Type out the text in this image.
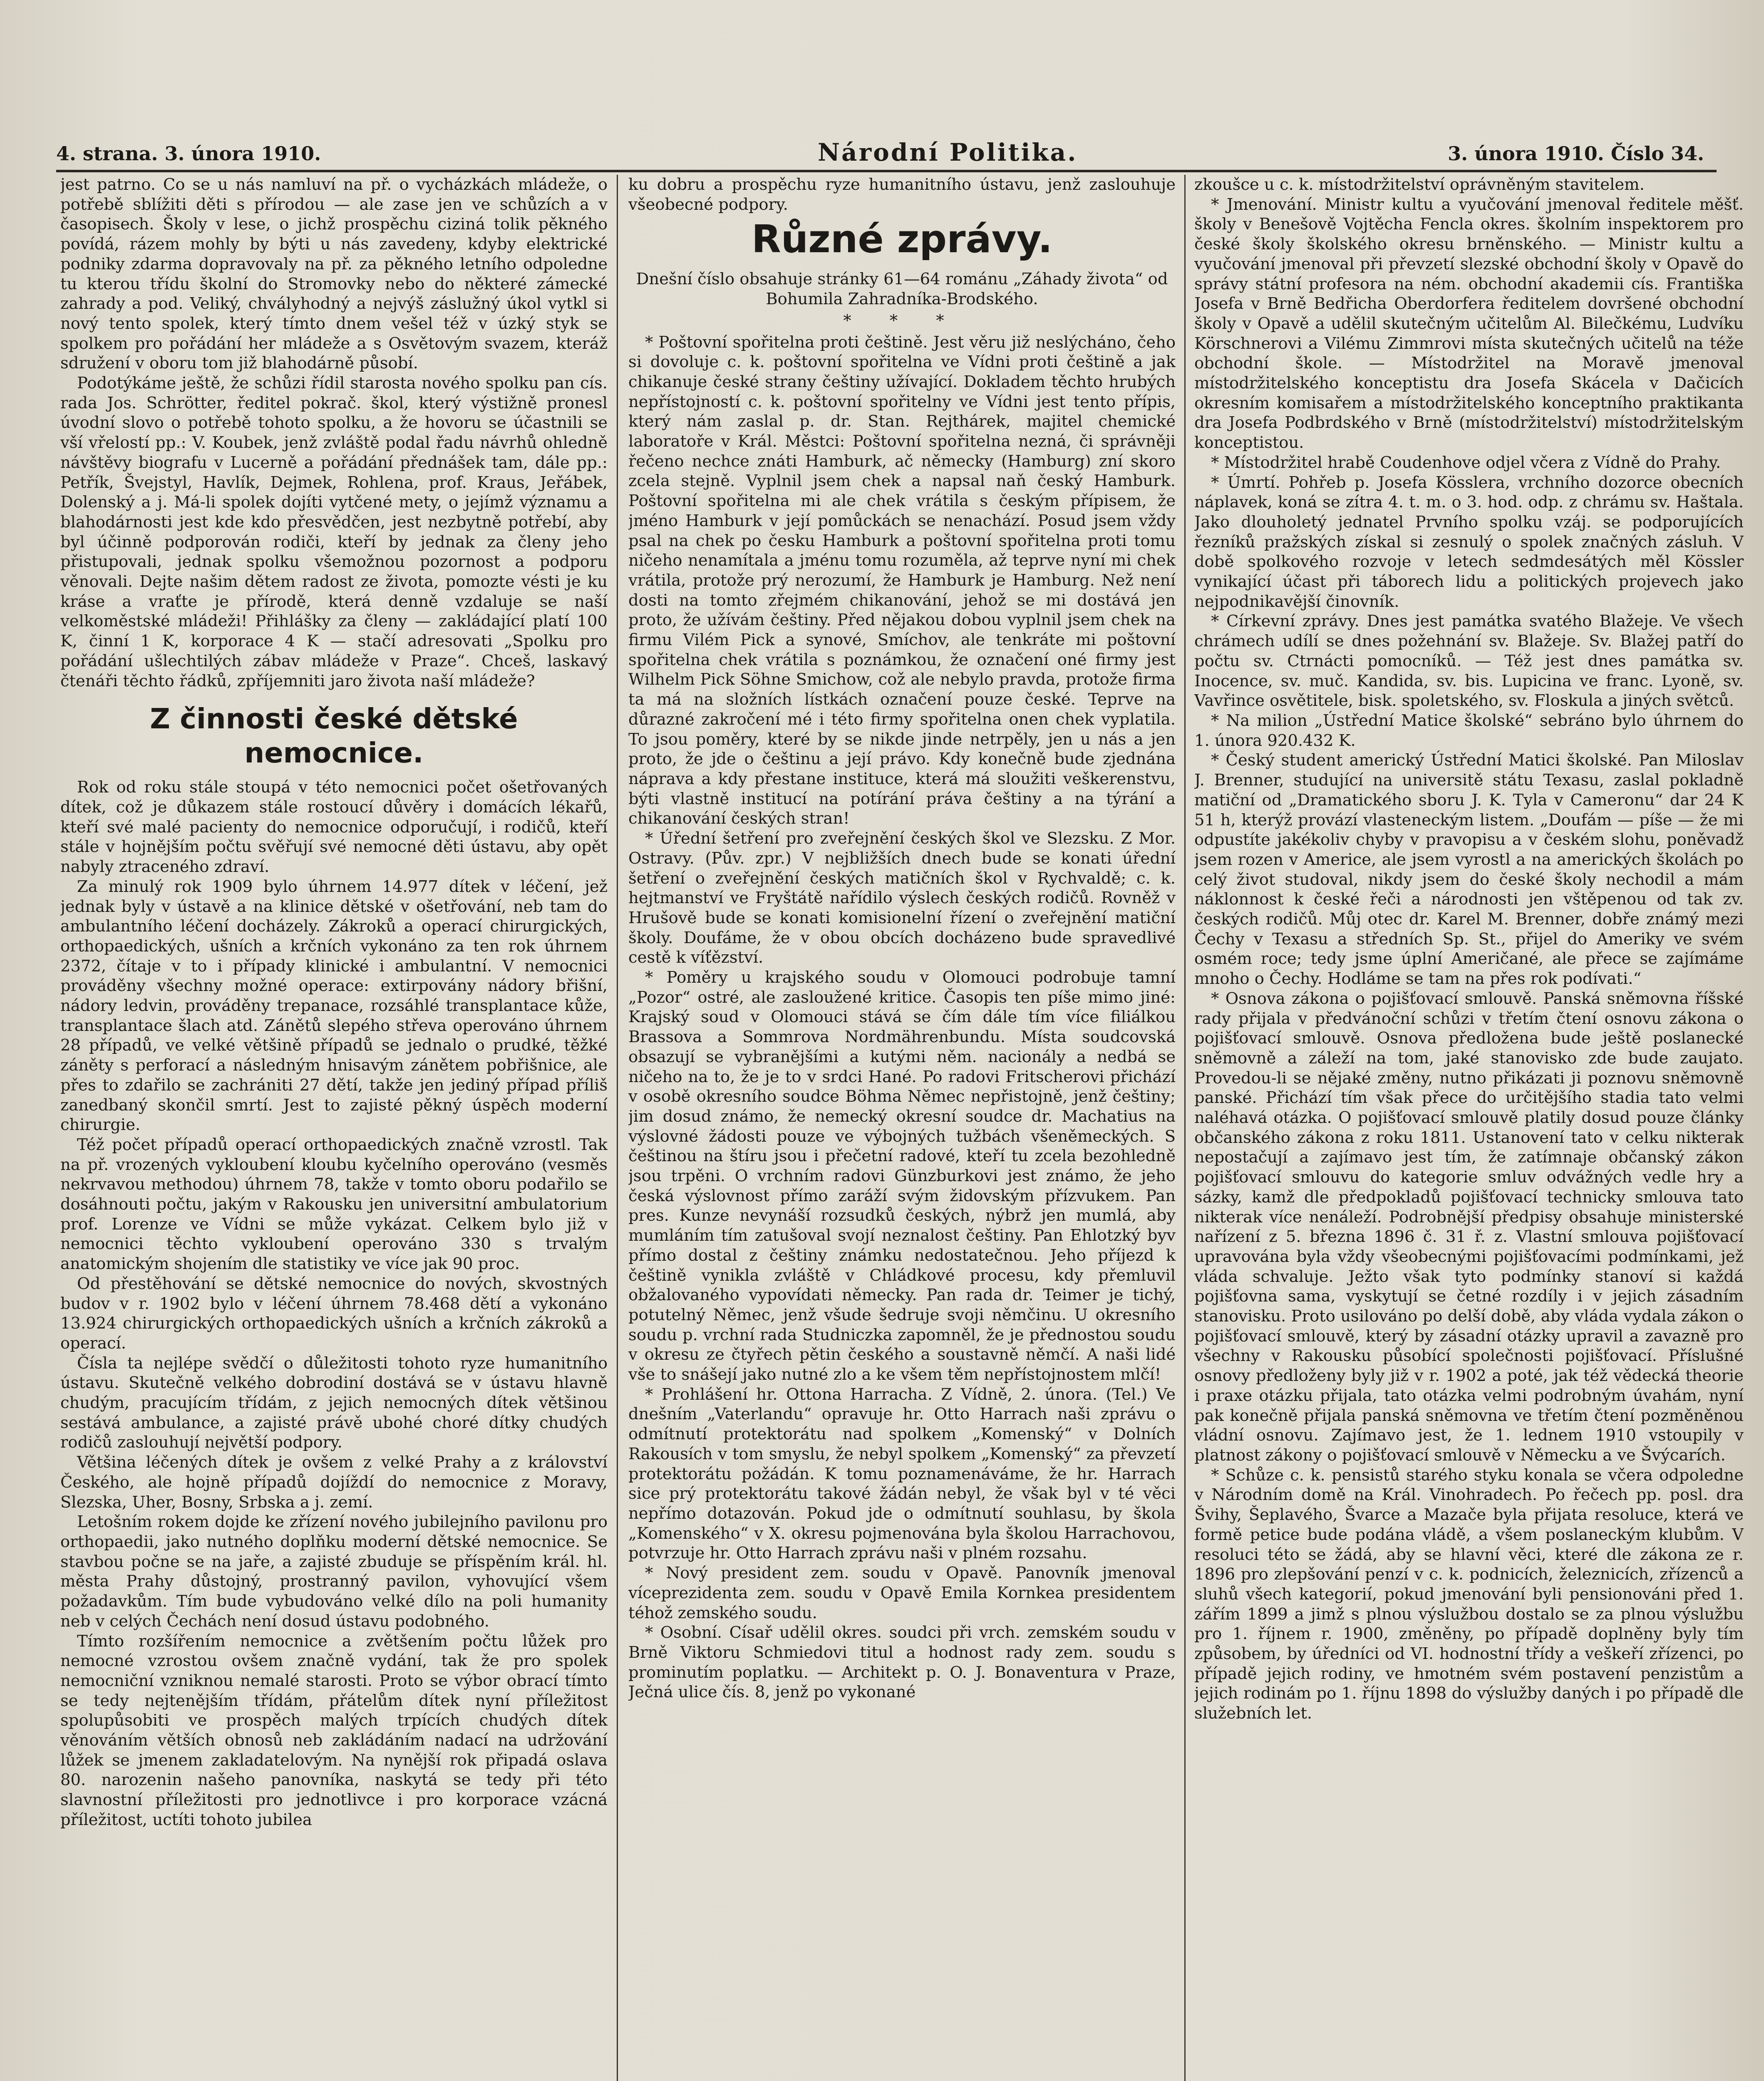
4. strana. 3. února 1910.	Národní Politika.	3. února 1910. Číslo 34.

jest patrno. Co se u nás namluví na př. o vycházkách mládeže, o potřebě sblížiti děti s přírodou — ale zase jen ve schůzích a v časopisech. Školy v lese, o jichž prospěchu ciziná tolik pěkného povídá, rázem mohly by býti u nás zavedeny, kdyby elektrické podniky zdarma dopravovaly na př. za pěkného letního odpoledne tu kterou třídu školní do Stromovky nebo do některé zámecké zahrady a pod. Veliký, chvályhodný a nejvýš záslužný úkol vytkl si nový tento spolek, který tímto dnem vešel též v úzký styk se spolkem pro pořádání her mládeže a s Osvětovým svazem, kteráž sdružení v oboru tom již blahodárně působí.

Podotýkáme ještě, že schůzi řídil starosta nového spolku pan cís. rada Jos. Schrötter, ředitel pokrač. škol, který výstižně pronesl úvodní slovo o potřebě tohoto spolku, a že hovoru se účastnili se vší vřelostí pp.: V. Koubek, jenž zvláště podal řadu návrhů ohledně návštěvy biografu v Lucerně a pořádání přednášek tam, dále pp.: Petřík, Švejstyl, Havlík, Dejmek, Rohlena, prof. Kraus, Jeřábek, Dolenský a j. Má-li spolek dojíti vytčené mety, o jejímž významu a blahodárnosti jest kde kdo přesvědčen, jest nezbytně potřebí, aby byl účinně podporován rodiči, kteří by jednak za členy jeho přistupovali, jednak spolku všemožnou pozornost a podporu věnovali. Dejte našim dětem radost ze života, pomozte vésti je ku kráse a vraťte je přírodě, která denně vzdaluje se naší velkoměstské mládeži! Přihlášky za členy — zakládající platí 100 K, činní 1 K, korporace 4 K — stačí adresovati „Spolku pro pořádání ušlechtilých zábav mládeže v Praze“. Chceš, laskavý čtenáři těchto řádků, zpříjemniti jaro života naší mládeže?

Z činnosti české dětské nemocnice.

Rok od roku stále stoupá v této nemocnici počet ošetřovaných dítek, což je důkazem stále rostoucí důvěry i domácích lékařů, kteří své malé pacienty do nemocnice odporučují, i rodičů, kteří stále v hojnějším počtu svěřují své nemocné děti ústavu, aby opět nabyly ztraceného zdraví.

Za minulý rok 1909 bylo úhrnem 14.977 dítek v léčení, jež jednak byly v ústavě a na klinice dětské v ošetřování, neb tam do ambulantního léčení docházely. Zákroků a operací chirurgických, orthopaedických, ušních a krčních vykonáno za ten rok úhrnem 2372, čítaje v to i případy klinické i ambulantní. V nemocnici prováděny všechny možné operace: extirpovány nádory břišní, nádory ledvin, prováděny trepanace, rozsáhlé transplantace kůže, transplantace šlach atd. Zánětů slepého střeva operováno úhrnem 28 případů, ve velké většině případů se jednalo o prudké, těžké záněty s perforací a následným hnisavým zánětem pobřišnice, ale přes to zdařilo se zachrániti 27 dětí, takže jen jediný případ příliš zanedbaný skončil smrtí. Jest to zajisté pěkný úspěch moderní chirurgie.

Též počet případů operací orthopaedických značně vzrostl. Tak na př. vrozených vykloubení kloubu kyčelního operováno (vesměs nekrvavou methodou) úhrnem 78, takže v tomto oboru podařilo se dosáhnouti počtu, jakým v Rakousku jen universitní ambulatorium prof. Lorenze ve Vídni se může vykázat. Celkem bylo již v nemocnici těchto vykloubení operováno 330 s trvalým anatomickým shojením dle statistiky ve více jak 90 proc.

Od přestěhování se dětské nemocnice do nových, skvostných budov v r. 1902 bylo v léčení úhrnem 78.468 dětí a vykonáno 13.924 chirurgických orthopaedických ušních a krčních zákroků a operací.

Čísla ta nejlépe svědčí o důležitosti tohoto ryze humanitního ústavu. Skutečně velkého dobrodiní dostává se v ústavu hlavně chudým, pracujícím třídám, z jejich nemocných dítek většinou sestává ambulance, a zajisté právě ubohé choré dítky chudých rodičů zaslouhují největší podpory.

Většina léčených dítek je ovšem z velké Prahy a z království Českého, ale hojně případů dojíždí do nemocnice z Moravy, Slezska, Uher, Bosny, Srbska a j. zemí.

Letošním rokem dojde ke zřízení nového jubilejního pavilonu pro orthopaedii, jako nutného doplňku moderní dětské nemocnice. Se stavbou počne se na jaře, a zajisté zbuduje se příspěním král. hl. města Prahy důstojný, prostranný pavilon, vyhovující všem požadavkům. Tím bude vybudováno velké dílo na poli humanity neb v celých Čechách není dosud ústavu podobného.

Tímto rozšířením nemocnice a zvětšením počtu lůžek pro nemocné vzrostou ovšem značně vydání, tak že pro spolek nemocniční vzniknou nemalé starosti. Proto se výbor obrací tímto se tedy nejtenějším třídám, přátelům dítek nyní příležitost spolupůsobiti ve prospěch malých trpících chudých dítek věnováním větších obnosů neb zakládáním nadací na udržování lůžek se jmenem zakladatelovým. Na nynější rok připadá oslava 80. narozenin našeho panovníka, naskytá se tedy při této slavnostní příležitosti pro jednotlivce i pro korporace vzácná příležitost, uctíti tohoto jubilea

ku dobru a prospěchu ryze humanitního ústavu, jenž zaslouhuje všeobecné podpory.

Různé zprávy.

Dnešní číslo obsahuje stránky 61—64 románu „Záhady života“ od Bohumila Zahradníka-Brodského.

* * *

* Poštovní spořitelna proti češtině. Jest věru již neslýcháno, čeho si dovoluje c. k. poštovní spořitelna ve Vídni proti češtině a jak chikanuje české strany češtiny užívající. Dokladem těchto hrubých nepřístojností c. k. poštovní spořitelny ve Vídni jest tento přípis, který nám zaslal p. dr. Stan. Rejthárek, majitel chemické laboratoře v Král. Městci: Poštovní spořitelna nezná, či správněji řečeno nechce znáti Hamburk, ač německy (Hamburg) zní skoro zcela stejně. Vyplnil jsem chek a napsal naň český Hamburk. Poštovní spořitelna mi ale chek vrátila s českým přípisem, že jméno Hamburk v její pomůckách se nenachází. Posud jsem vždy psal na chek po česku Hamburk a poštovní spořitelna proti tomu ničeho nenamítala a jménu tomu rozuměla, až teprve nyní mi chek vrátila, protože prý nerozumí, že Hamburk je Hamburg. Než není dosti na tomto zřejmém chikanování, jehož se mi dostává jen proto, že užívám češtiny. Před nějakou dobou vyplnil jsem chek na firmu Vilém Pick a synové, Smíchov, ale tenkráte mi poštovní spořitelna chek vrátila s poznámkou, že označení oné firmy jest Wilhelm Pick Söhne Smichow, což ale nebylo pravda, protože firma ta má na složních lístkách označení pouze české. Teprve na důrazné zakročení mé i této firmy spořitelna onen chek vyplatila. To jsou poměry, které by se nikde jinde netrpěly, jen u nás a jen proto, že jde o češtinu a její právo. Kdy konečně bude zjednána náprava a kdy přestane instituce, která má sloužiti veškerenstvu, býti vlastně institucí na potírání práva češtiny a na týrání a chikanování českých stran!

* Úřední šetření pro zveřejnění českých škol ve Slezsku. Z Mor. Ostravy. (Pův. zpr.) V nejbližších dnech bude se konati úřední šetření o zveřejnění českých matičních škol v Rychvaldě; c. k. hejtmanství ve Fryštátě nařídilo výslech českých rodičů. Rovněž v Hrušově bude se konati komisionelní řízení o zveřejnění matiční školy. Doufáme, že v obou obcích docházeno bude spravedlivé cestě k víťězství.

* Poměry u krajského soudu v Olomouci podrobuje tamní „Pozor“ ostré, ale zasloužené kritice. Časopis ten píše mimo jiné: Krajský soud v Olomouci stává se čím dále tím více filiálkou Brassova a Sommrova Nordmährenbundu. Místa soudcovská obsazují se vybranějšími a kutými něm. nacionály a nedbá se ničeho na to, že je to v srdci Hané. Po radovi Fritscherovi přichází v osobě okresního soudce Böhma Němec nepřistojně, jenž češtiny; jim dosud známo, že nemecký okresní soudce dr. Machatius na výslovné žádosti pouze ve výbojných tužbách všeněmeckých. S češtinou na štíru jsou i přečetní radové, kteří tu zcela bezohledně jsou trpěni. O vrchním radovi Günzburkovi jest známo, že jeho česká výslovnost přímo zaráží svým židovským přízvukem. Pan pres. Kunze nevynáší rozsudků českých, nýbrž jen mumlá, aby mumláním tím zatušoval svojí neznalost češtiny. Pan Ehlotzký byv přímo dostal z češtiny známku nedostatečnou. Jeho příjezd k češtině vynikla zvláště v Chládkové procesu, kdy přemluvil obžalovaného vypovídati německy. Pan rada dr. Teimer je tichý, potutelný Němec, jenž všude šedruje svoji němčinu. U okresního soudu p. vrchní rada Studniczka zapomněl, že je přednostou soudu v okresu ze čtyřech pětin českého a soustavně němčí. A naši lidé vše to snášejí jako nutné zlo a ke všem těm nepřístojnostem mlčí!

* Prohlášení hr. Ottona Harracha. Z Vídně, 2. února. (Tel.) Ve dnešním „Vaterlandu“ opravuje hr. Otto Harrach naši zprávu o odmítnutí protektorátu nad spolkem „Komenský“ v Dolních Rakousích v tom smyslu, že nebyl spolkem „Komenský“ za převzetí protektorátu požádán. K tomu poznamenáváme, že hr. Harrach sice prý protektorátu takové žádán nebyl, že však byl v té věci nepřímo dotazován. Pokud jde o odmítnutí souhlasu, by škola „Komenského“ v X. okresu pojmenována byla školou Harrachovou, potvrzuje hr. Otto Harrach zprávu naši v plném rozsahu.

* Nový president zem. soudu v Opavě. Panovník jmenoval víceprezidenta zem. soudu v Opavě Emila Kornkea presidentem téhož zemského soudu.

* Osobní. Císař udělil okres. soudci při vrch. zemském soudu v Brně Viktoru Schmiedovi titul a hodnost rady zem. soudu s prominutím poplatku. — Architekt p. O. J. Bonaventura v Praze, Ječná ulice čís. 8, jenž po vykonané

zkoušce u c. k. místodržitelství oprávněným stavitelem.

* Jmenování. Ministr kultu a vyučování jmenoval ředitele měšť. školy v Benešově Vojtěcha Fencla okres. školním inspektorem pro české školy školského okresu brněnského. — Ministr kultu a vyučování jmenoval při převzetí slezské obchodní školy v Opavě do správy státní profesora na ném. obchodní akademii cís. Františka Josefa v Brně Bedřicha Oberdorfera ředitelem dovršené obchodní školy v Opavě a udělil skutečným učitelům Al. Bilečkému, Ludvíku Körschnerovi a Vilému Zimmrovi místa skutečných učitelů na téže obchodní škole. — Místodržitel na Moravě jmenoval místodržitelského konceptistu dra Josefa Skácela v Dačicích okresním komisařem a místodržitelského konceptního praktikanta dra Josefa Podbrdského v Brně (místodržitelství) místodržitelským konceptistou.

* Místodržitel hrabě Coudenhove odjel včera z Vídně do Prahy.

* Úmrtí. Pohřeb p. Josefa Kösslera, vrchního dozorce obecních náplavek, koná se zítra 4. t. m. o 3. hod. odp. z chrámu sv. Haštala. Jako dlouholetý jednatel Prvního spolku vzáj. se podporujících řezníků pražských získal si zesnulý o spolek značných zásluh. V době spolkového rozvoje v letech sedmdesátých měl Kössler vynikající účast při táborech lidu a politických projevech jako nejpodnikavější činovník.

* Církevní zprávy. Dnes jest památka svatého Blažeje. Ve všech chrámech udílí se dnes požehnání sv. Blažeje. Sv. Blažej patří do počtu sv. Ctrnácti pomocníků. — Též jest dnes památka sv. Inocence, sv. muč. Kandida, sv. bis. Lupicina ve franc. Lyoně, sv. Vavřince osvětitele, bisk. spoletského, sv. Floskula a jiných světců.

* Na milion „Ústřední Matice školské“ sebráno bylo úhrnem do 1. února 920.432 K.

* Český student americký Ústřední Matici školské. Pan Miloslav J. Brenner, studující na universitě státu Texasu, zaslal pokladně matiční od „Dramatického sboru J. K. Tyla v Cameronu“ dar 24 K 51 h, kterýž provází vlasteneckým listem. „Doufám — píše — že mi odpustíte jakékoliv chyby v pravopisu a v českém slohu, poněvadž jsem rozen v Americe, ale jsem vyrostl a na amerických školách po celý život studoval, nikdy jsem do české školy nechodil a mám náklonnost k české řeči a národnosti jen vštěpenou od tak zv. českých rodičů. Můj otec dr. Karel M. Brenner, dobře známý mezi Čechy v Texasu a středních Sp. St., přijel do Ameriky ve svém osmém roce; tedy jsme úplní Američané, ale přece se zajímáme mnoho o Čechy. Hodláme se tam na přes rok podívati.“

* Osnova zákona o pojišťovací smlouvě. Panská sněmovna říšské rady přijala v předvánoční schůzi v třetím čtení osnovu zákona o pojišťovací smlouvě. Osnova předložena bude ještě poslanecké sněmovně a záleží na tom, jaké stanovisko zde bude zaujato. Provedou-li se nějaké změny, nutno přikázati ji poznovu sněmovně panské. Přichází tím však přece do určitějšího stadia tato velmi naléhavá otázka. O pojišťovací smlouvě platily dosud pouze články občanského zákona z roku 1811. Ustanovení tato v celku nikterak nepostačují a zajímavo jest tím, že zatímnaje občanský zákon pojišťovací smlouvu do kategorie smluv odvážných vedle hry a sázky, kamž dle předpokladů pojišťovací technicky smlouva tato nikterak více nenáleží. Podrobnější předpisy obsahuje ministerské nařízení z 5. března 1896 č. 31 ř. z. Vlastní smlouva pojišťovací upravována byla vždy všeobecnými pojišťovacími podmínkami, jež vláda schvaluje. Ježto však tyto podmínky stanoví si každá pojišťovna sama, vyskytují se četné rozdíly i v jejich zásadním stanovisku. Proto usilováno po delší době, aby vláda vydala zákon o pojišťovací smlouvě, který by zásadní otázky upravil a zavazně pro všechny v Rakousku působící společnosti pojišťovací. Příslušné osnovy předloženy byly již v r. 1902 a poté, jak též vědecká theorie i praxe otázku přijala, tato otázka velmi podrobným úvahám, nyní pak konečně přijala panská sněmovna ve třetím čtení pozměněnou vládní osnovu. Zajímavo jest, že 1. lednem 1910 vstoupily v platnost zákony o pojišťovací smlouvě v Německu a ve Švýcarích.

* Schůze c. k. pensistů starého styku konala se včera odpoledne v Národním domě na Král. Vinohradech. Po řečech pp. posl. dra Švihy, Šeplavého, Švarce a Mazače byla přijata resoluce, která ve formě petice bude podána vládě, a všem poslaneckým klubům. V resoluci této se žádá, aby se hlavní věci, které dle zákona ze r. 1896 pro zlepšování penzí v c. k. podnicích, železnicích, zřízenců a sluhů všech kategorií, pokud jmenování byli pensionováni před 1. zářím 1899 a jimž s plnou výslužbou dostalo se za plnou výslužbu pro 1. říjnem r. 1900, změněny, po případě doplněny byly tím způsobem, by úředníci od VI. hodnostní třídy a veškeří zřízenci, po případě jejich rodiny, ve hmotném svém postavení penzistům a jejich rodinám po 1. říjnu 1898 do výslužby daných i po případě dle služebních let.
